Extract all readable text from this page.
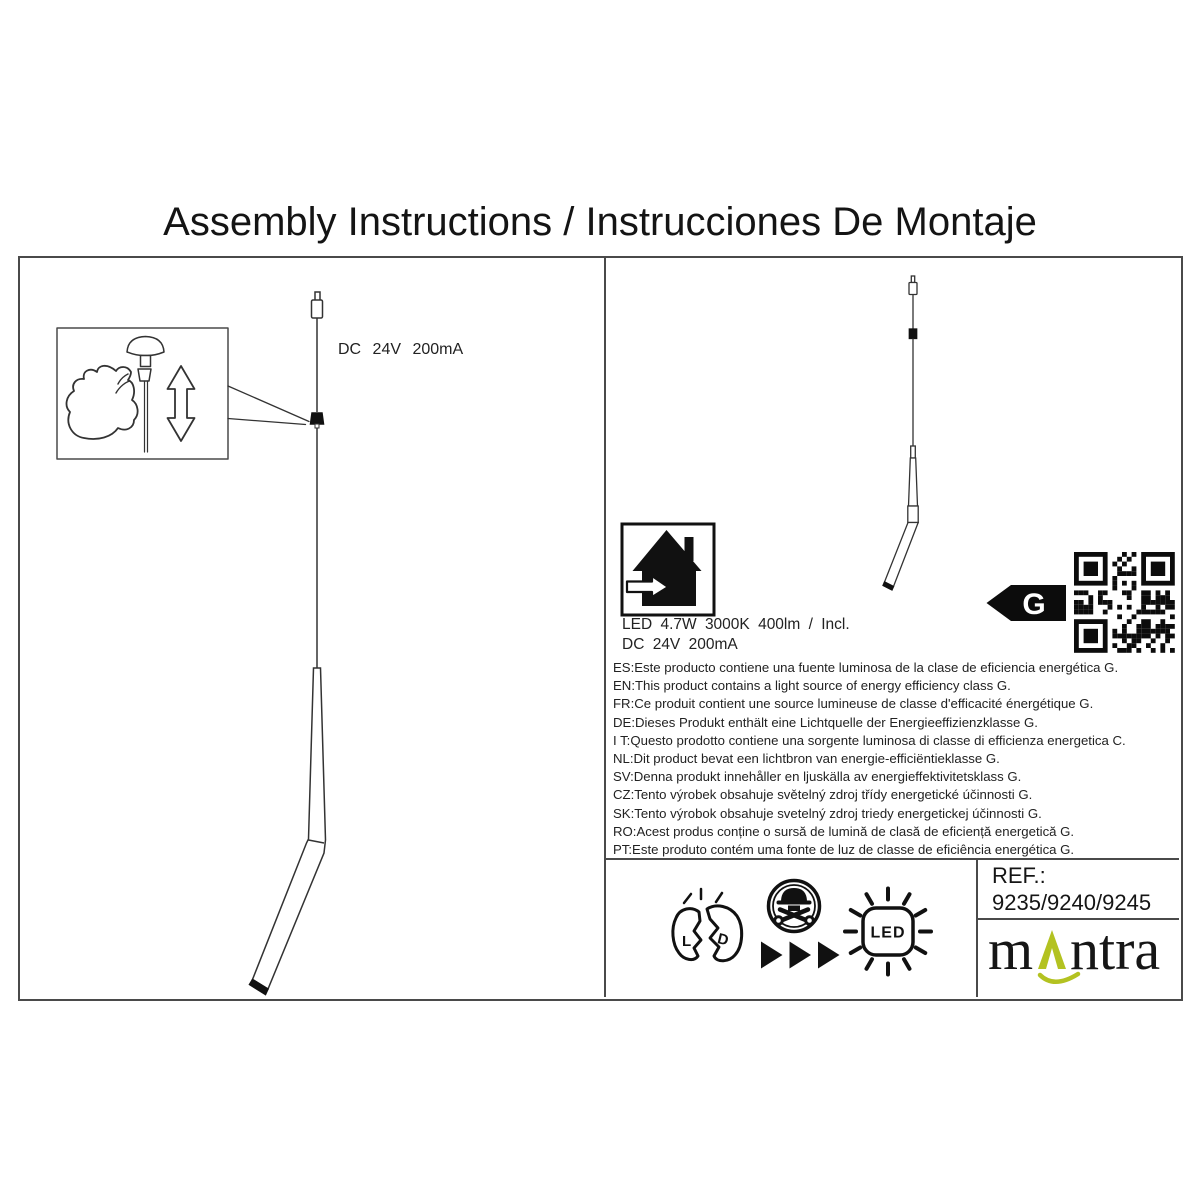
Assembly Instructions / Instrucciones De Montaje
G
L D	LED m ntra
DC 24V 200mA
LED 4.7W 3000K 400lm / Incl.
DC 24V 200mA
ES:Este producto contiene una fuente luminosa de la clase de eficiencia energética G.
EN:This product contains a light source of energy efficiency class G.
FR:Ce produit contient une source lumineuse de classe d'efficacité énergétique G.
DE:Dieses Produkt enthält eine Lichtquelle der Energieeffizienzklasse G.
I T:Questo prodotto contiene una sorgente luminosa di classe di efficienza energetica C.
NL:Dit product bevat een lichtbron van energie-efficiëntieklasse G.
SV:Denna produkt innehåller en ljuskälla av energieffektivitetsklass G.
CZ:Tento výrobek obsahuje světelný zdroj třídy energetické účinnosti G.
SK:Tento výrobok obsahuje svetelný zdroj triedy energetickej účinnosti G.
RO:Acest produs conține o sursă de lumină de clasă de eficiență energetică G.
PT:Este produto contém uma fonte de luz de classe de eficiência energética G.
REF.:
9235/9240/9245
